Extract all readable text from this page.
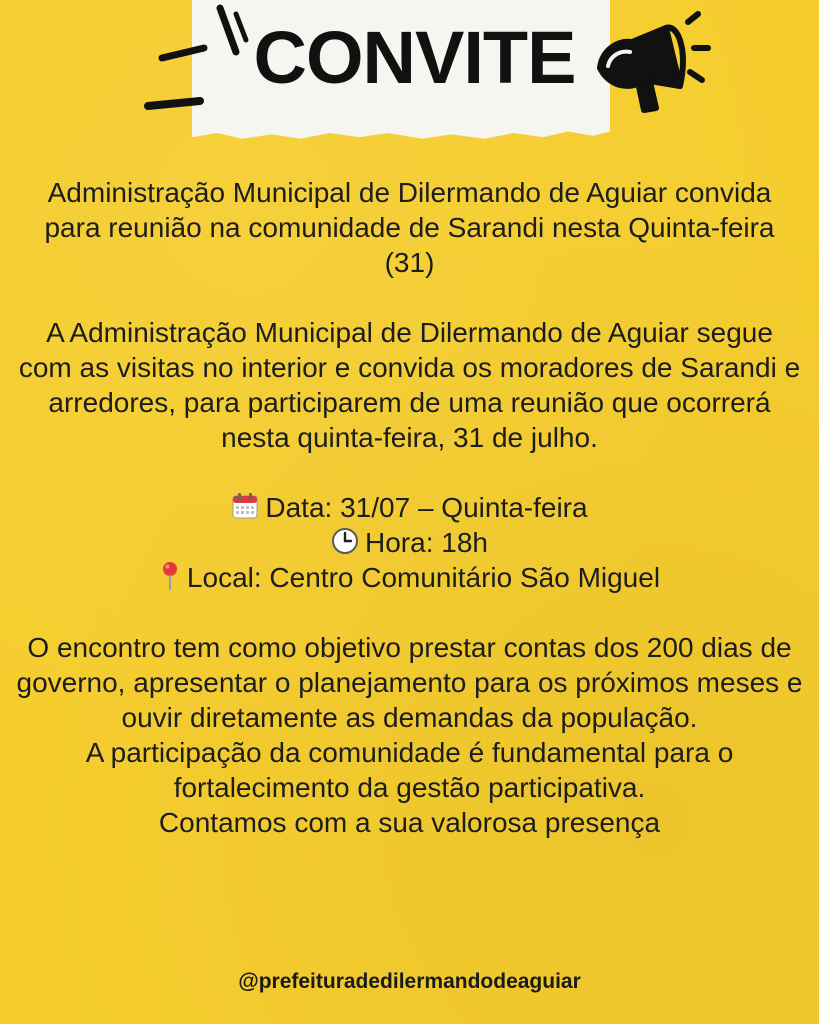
CONVITE

Administração Municipal de Dilermando de Aguiar convida para reunião na comunidade de Sarandi nesta Quinta-feira (31)

A Administração Municipal de Dilermando de Aguiar segue com as visitas no interior e convida os moradores de Sarandi e arredores, para participarem de uma reunião que ocorrerá nesta quinta-feira, 31 de julho.

Data: 31/07 – Quinta-feira

Hora: 18h

Local: Centro Comunitário São Miguel

O encontro tem como objetivo prestar contas dos 200 dias de governo, apresentar o planejamento para os próximos meses e ouvir diretamente as demandas da população.

A participação da comunidade é fundamental para o fortalecimento da gestão participativa.

Contamos com a sua valorosa presença

@prefeituradedilermandodeaguiar
